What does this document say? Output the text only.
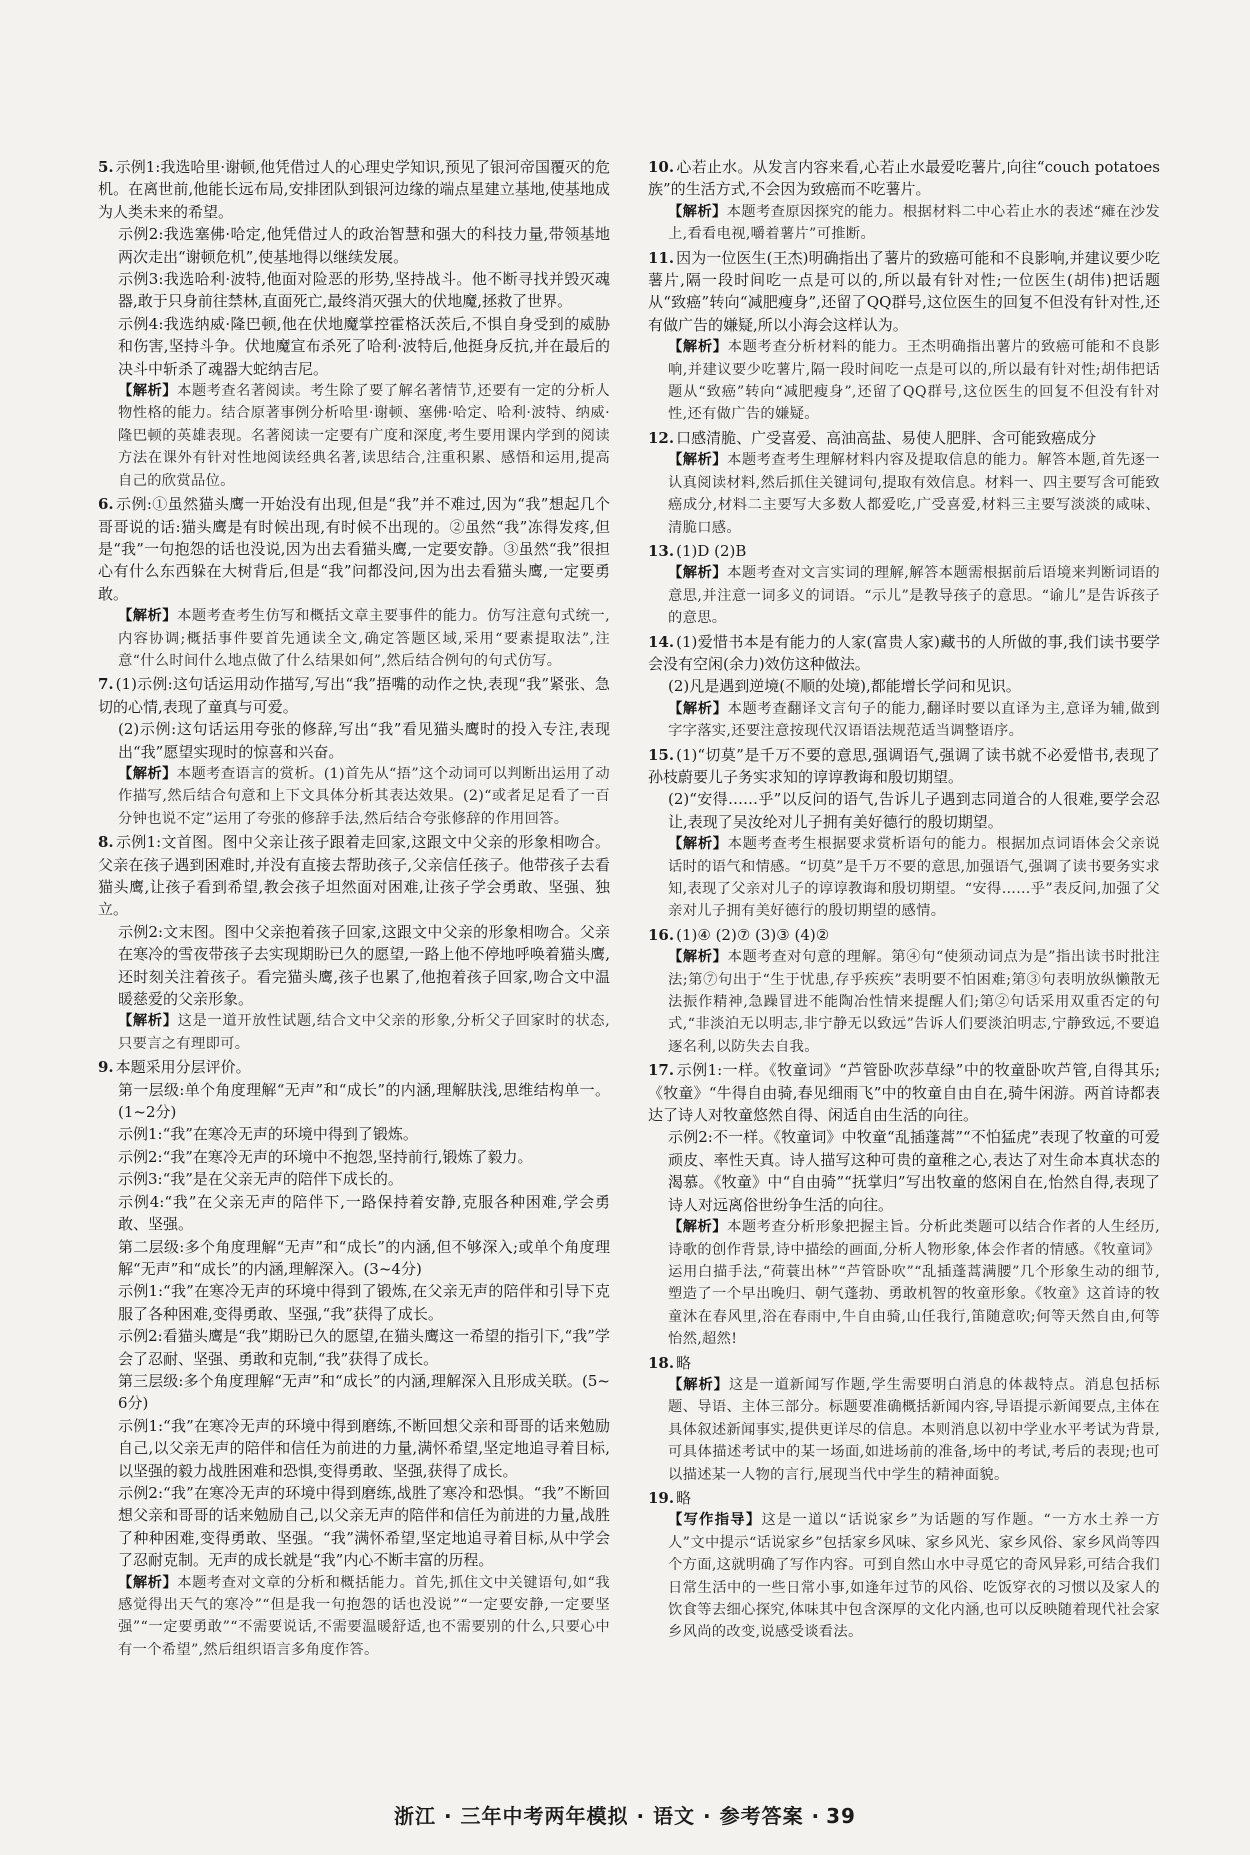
5. 示例1:我选哈里·谢顿,他凭借过人的心理史学知识,预见了银河帝国覆灭的危机。在离世前,他能长远布局,安排团队到银河边缘的端点星建立基地,使基地成为人类未来的希望。

示例2:我选塞佛·哈定,他凭借过人的政治智慧和强大的科技力量,带领基地两次走出“谢顿危机”,使基地得以继续发展。

示例3:我选哈利·波特,他面对险恶的形势,坚持战斗。他不断寻找并毁灭魂器,敢于只身前往禁林,直面死亡,最终消灭强大的伏地魔,拯救了世界。

示例4:我选纳威·隆巴顿,他在伏地魔掌控霍格沃茨后,不惧自身受到的威胁和伤害,坚持斗争。伏地魔宣布杀死了哈利·波特后,他挺身反抗,并在最后的决斗中斩杀了魂器大蛇纳吉尼。

【解析】本题考查名著阅读。考生除了要了解名著情节,还要有一定的分析人物性格的能力。结合原著事例分析哈里·谢顿、塞佛·哈定、哈利·波特、纳威·隆巴顿的英雄表现。名著阅读一定要有广度和深度,考生要用课内学到的阅读方法在课外有针对性地阅读经典名著,读思结合,注重积累、感悟和运用,提高自己的欣赏品位。

6. 示例:①虽然猫头鹰一开始没有出现,但是“我”并不难过,因为“我”想起几个哥哥说的话:猫头鹰是有时候出现,有时候不出现的。②虽然“我”冻得发疼,但是“我”一句抱怨的话也没说,因为出去看猫头鹰,一定要安静。③虽然“我”很担心有什么东西躲在大树背后,但是“我”问都没问,因为出去看猫头鹰,一定要勇敢。

【解析】本题考查考生仿写和概括文章主要事件的能力。仿写注意句式统一,内容协调;概括事件要首先通读全文,确定答题区域,采用“要素提取法”,注意“什么时间什么地点做了什么结果如何”,然后结合例句的句式仿写。

7. (1)示例:这句话运用动作描写,写出“我”捂嘴的动作之快,表现“我”紧张、急切的心情,表现了童真与可爱。

(2)示例:这句话运用夸张的修辞,写出“我”看见猫头鹰时的投入专注,表现出“我”愿望实现时的惊喜和兴奋。

【解析】本题考查语言的赏析。(1)首先从“捂”这个动词可以判断出运用了动作描写,然后结合句意和上下文具体分析其表达效果。(2)“或者足足看了一百分钟也说不定”运用了夸张的修辞手法,然后结合夸张修辞的作用回答。

8. 示例1:文首图。图中父亲让孩子跟着走回家,这跟文中父亲的形象相吻合。父亲在孩子遇到困难时,并没有直接去帮助孩子,父亲信任孩子。他带孩子去看猫头鹰,让孩子看到希望,教会孩子坦然面对困难,让孩子学会勇敢、坚强、独立。

示例2:文末图。图中父亲抱着孩子回家,这跟文中父亲的形象相吻合。父亲在寒冷的雪夜带孩子去实现期盼已久的愿望,一路上他不停地呼唤着猫头鹰,还时刻关注着孩子。看完猫头鹰,孩子也累了,他抱着孩子回家,吻合文中温暖慈爱的父亲形象。

【解析】这是一道开放性试题,结合文中父亲的形象,分析父子回家时的状态,只要言之有理即可。

9. 本题采用分层评价。

第一层级:单个角度理解“无声”和“成长”的内涵,理解肤浅,思维结构单一。(1~2分)

示例1:“我”在寒冷无声的环境中得到了锻炼。

示例2:“我”在寒冷无声的环境中不抱怨,坚持前行,锻炼了毅力。

示例3:“我”是在父亲无声的陪伴下成长的。

示例4:“我”在父亲无声的陪伴下,一路保持着安静,克服各种困难,学会勇敢、坚强。

第二层级:多个角度理解“无声”和“成长”的内涵,但不够深入;或单个角度理解“无声”和“成长”的内涵,理解深入。(3~4分)

示例1:“我”在寒冷无声的环境中得到了锻炼,在父亲无声的陪伴和引导下克服了各种困难,变得勇敢、坚强,“我”获得了成长。

示例2:看猫头鹰是“我”期盼已久的愿望,在猫头鹰这一希望的指引下,“我”学会了忍耐、坚强、勇敢和克制,“我”获得了成长。

第三层级:多个角度理解“无声”和“成长”的内涵,理解深入且形成关联。(5~6分)

示例1:“我”在寒冷无声的环境中得到磨练,不断回想父亲和哥哥的话来勉励自己,以父亲无声的陪伴和信任为前进的力量,满怀希望,坚定地追寻着目标,以坚强的毅力战胜困难和恐惧,变得勇敢、坚强,获得了成长。

示例2:“我”在寒冷无声的环境中得到磨练,战胜了寒冷和恐惧。“我”不断回想父亲和哥哥的话来勉励自己,以父亲无声的陪伴和信任为前进的力量,战胜了种种困难,变得勇敢、坚强。“我”满怀希望,坚定地追寻着目标,从中学会了忍耐克制。无声的成长就是“我”内心不断丰富的历程。

【解析】本题考查对文章的分析和概括能力。首先,抓住文中关键语句,如“我感觉得出天气的寒冷”“但是我一句抱怨的话也没说”“一定要安静,一定要坚强”“一定要勇敢”“不需要说话,不需要温暖舒适,也不需要别的什么,只要心中有一个希望”,然后组织语言多角度作答。

10. 心若止水。从发言内容来看,心若止水最爱吃薯片,向往“couch potatoes族”的生活方式,不会因为致癌而不吃薯片。

【解析】本题考查原因探究的能力。根据材料二中心若止水的表述“瘫在沙发上,看看电视,嚼着薯片”可推断。

11. 因为一位医生(王杰)明确指出了薯片的致癌可能和不良影响,并建议要少吃薯片,隔一段时间吃一点是可以的,所以最有针对性;一位医生(胡伟)把话题从“致癌”转向“减肥瘦身”,还留了QQ群号,这位医生的回复不但没有针对性,还有做广告的嫌疑,所以小海会这样认为。

【解析】本题考查分析材料的能力。王杰明确指出薯片的致癌可能和不良影响,并建议要少吃薯片,隔一段时间吃一点是可以的,所以最有针对性;胡伟把话题从“致癌”转向“减肥瘦身”,还留了QQ群号,这位医生的回复不但没有针对性,还有做广告的嫌疑。

12. 口感清脆、广受喜爱、高油高盐、易使人肥胖、含可能致癌成分

【解析】本题考查考生理解材料内容及提取信息的能力。解答本题,首先逐一认真阅读材料,然后抓住关键词句,提取有效信息。材料一、四主要写含可能致癌成分,材料二主要写大多数人都爱吃,广受喜爱,材料三主要写淡淡的咸味、清脆口感。

13. (1)D (2)B

【解析】本题考查对文言实词的理解,解答本题需根据前后语境来判断词语的意思,并注意一词多义的词语。“示儿”是教导孩子的意思。“谕儿”是告诉孩子的意思。

14. (1)爱惜书本是有能力的人家(富贵人家)藏书的人所做的事,我们读书要学会没有空闲(余力)效仿这种做法。

(2)凡是遇到逆境(不顺的处境),都能增长学问和见识。

【解析】本题考查翻译文言句子的能力,翻译时要以直译为主,意译为辅,做到字字落实,还要注意按现代汉语语法规范适当调整语序。

15. (1)“切莫”是千万不要的意思,强调语气,强调了读书就不必爱惜书,表现了孙枝蔚要儿子务实求知的谆谆教诲和殷切期望。

(2)“安得……乎”以反问的语气,告诉儿子遇到志同道合的人很难,要学会忍让,表现了吴汝纶对儿子拥有美好德行的殷切期望。

【解析】本题考查考生根据要求赏析语句的能力。根据加点词语体会父亲说话时的语气和情感。“切莫”是千万不要的意思,加强语气,强调了读书要务实求知,表现了父亲对儿子的谆谆教诲和殷切期望。“安得……乎”表反问,加强了父亲对儿子拥有美好德行的殷切期望的感情。

16. (1)④ (2)⑦ (3)③ (4)②

【解析】本题考查对句意的理解。第④句“使须动词点为是”指出读书时批注法;第⑦句出于“生于忧患,存乎疾疾”表明要不怕困难;第③句表明放纵懒散无法振作精神,急躁冒进不能陶冶性情来提醒人们;第②句话采用双重否定的句式,“非淡泊无以明志,非宁静无以致远”告诉人们要淡泊明志,宁静致远,不要追逐名利,以防失去自我。

17. 示例1:一样。《牧童词》“芦管卧吹莎草绿”中的牧童卧吹芦管,自得其乐;《牧童》“牛得自由骑,春见细雨飞”中的牧童自由自在,骑牛闲游。两首诗都表达了诗人对牧童悠然自得、闲适自由生活的向往。

示例2:不一样。《牧童词》中牧童“乱插蓬蒿”“不怕猛虎”表现了牧童的可爱顽皮、率性天真。诗人描写这种可贵的童稚之心,表达了对生命本真状态的渴慕。《牧童》中“自由骑”“抚掌归”写出牧童的悠闲自在,怡然自得,表现了诗人对远离俗世纷争生活的向往。

【解析】本题考查分析形象把握主旨。分析此类题可以结合作者的人生经历,诗歌的创作背景,诗中描绘的画面,分析人物形象,体会作者的情感。《牧童词》运用白描手法,“荷蓑出林”“芦管卧吹”“乱插蓬蒿满腰”几个形象生动的细节,塑造了一个早出晚归、朝气蓬勃、勇敢机智的牧童形象。《牧童》这首诗的牧童沐在春风里,浴在春雨中,牛自由骑,山任我行,笛随意吹;何等天然自由,何等怡然,超然!

18. 略

【解析】这是一道新闻写作题,学生需要明白消息的体裁特点。消息包括标题、导语、主体三部分。标题要准确概括新闻内容,导语提示新闻要点,主体在具体叙述新闻事实,提供更详尽的信息。本则消息以初中学业水平考试为背景,可具体描述考试中的某一场面,如进场前的准备,场中的考试,考后的表现;也可以描述某一人物的言行,展现当代中学生的精神面貌。

19. 略

【写作指导】这是一道以“话说家乡”为话题的写作题。“一方水土养一方人”文中提示“话说家乡”包括家乡风味、家乡风光、家乡风俗、家乡风尚等四个方面,这就明确了写作内容。可到自然山水中寻觅它的奇风异彩,可结合我们日常生活中的一些日常小事,如逢年过节的风俗、吃饭穿衣的习惯以及家人的饮食等去细心探究,体味其中包含深厚的文化内涵,也可以反映随着现代社会家乡风尚的改变,说感受谈看法。

浙江 · 三年中考两年模拟 · 语文 · 参考答案 · 39
